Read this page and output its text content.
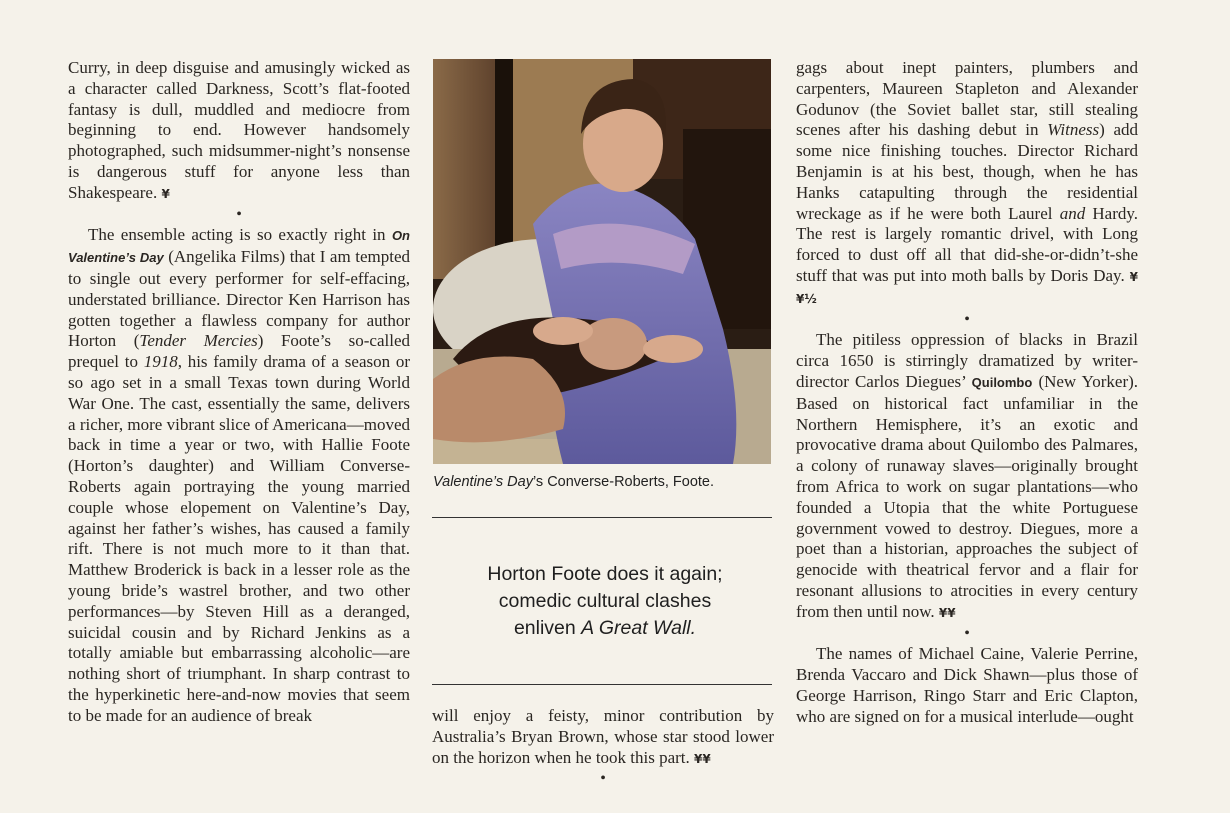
Curry, in deep disguise and amusingly wicked as a character called Darkness, Scott’s flat-footed fantasy is dull, muddled and mediocre from beginning to end. However handsomely photographed, such midsummer-night’s nonsense is dangerous stuff for anyone less than Shakespeare. ¥

•

The ensemble acting is so exactly right in On Valentine’s Day (Angelika Films) that I am tempted to single out every performer for self-effacing, understated brilliance. Director Ken Harrison has gotten together a flawless company for author Horton (Tender Mercies) Foote’s so-called prequel to 1918, his family drama of a season or so ago set in a small Texas town during World War One. The cast, essentially the same, delivers a richer, more vibrant slice of Americana—moved back in time a year or two, with Hallie Foote (Horton’s daughter) and William Converse-Roberts again portraying the young married couple whose elopement on Valentine’s Day, against her father’s wishes, has caused a family rift. There is not much more to it than that. Matthew Broderick is back in a lesser role as the young bride’s wastrel brother, and two other performances—by Steven Hill as a deranged, suicidal cousin and by Richard Jenkins as a totally amiable but embarrassing alcoholic—are nothing short of triumphant. In sharp contrast to the hyperkinetic here-and-now movies that seem to be made for an audience of break

Valentine’s Day’s Converse-Roberts, Foote.
Horton Foote does it again;
comedic cultural clashes
enliven A Great Wall.

will enjoy a feisty, minor contribution by Australia’s Bryan Brown, whose star stood lower on the horizon when he took this part. ¥¥

•

gags about inept painters, plumbers and carpenters, Maureen Stapleton and Alexander Godunov (the Soviet ballet star, still stealing scenes after his dashing debut in Witness) add some nice finishing touches. Director Richard Benjamin is at his best, though, when he has Hanks catapulting through the residential wreckage as if he were both Laurel and Hardy. The rest is largely romantic drivel, with Long forced to dust off all that did-she-or-didn’t-she stuff that was put into moth balls by Doris Day. ¥¥½

•

The pitiless oppression of blacks in Brazil circa 1650 is stirringly dramatized by writer-director Carlos Diegues’ Quilombo (New Yorker). Based on historical fact unfamiliar in the Northern Hemisphere, it’s an exotic and provocative drama about Quilombo des Palmares, a colony of runaway slaves—originally brought from Africa to work on sugar plantations—who founded a Utopia that the white Portuguese government vowed to destroy. Diegues, more a poet than a historian, approaches the subject of genocide with theatrical fervor and a flair for resonant allusions to atrocities in every century from then until now. ¥¥

•

The names of Michael Caine, Valerie Perrine, Brenda Vaccaro and Dick Shawn—plus those of George Harrison, Ringo Starr and Eric Clapton, who are signed on for a musical interlude—ought
